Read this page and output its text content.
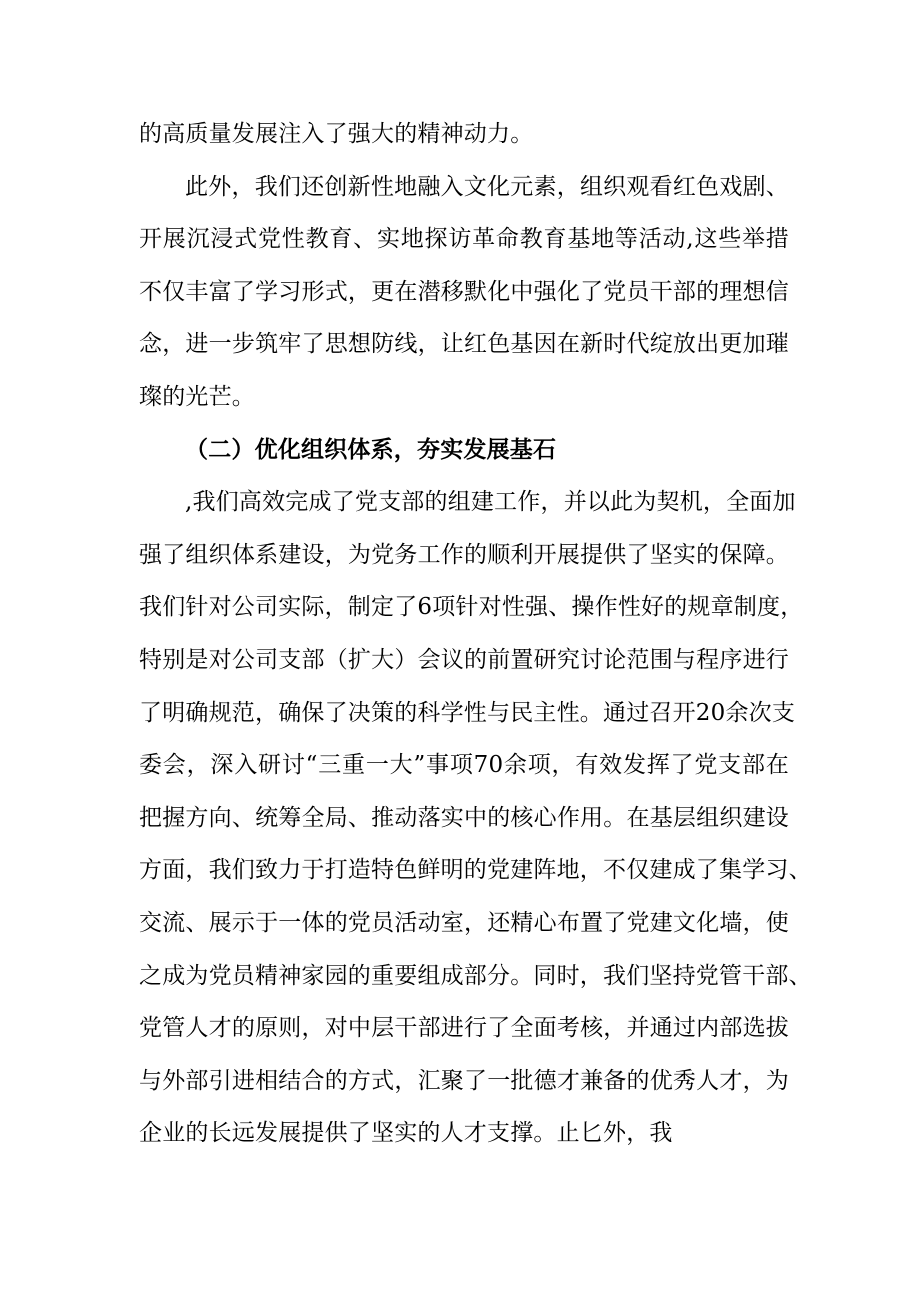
的高质量发展注入了强大的精神动力。
此外，我们还创新性地融入文化元素，组织观看红色戏剧、
开展沉浸式党性教育、实地探访革命教育基地等活动,这些举措
不仅丰富了学习形式，更在潜移默化中强化了党员干部的理想信
念，进一步筑牢了思想防线，让红色基因在新时代绽放出更加璀
璨的光芒。
（二）优化组织体系，夯实发展基石
,我们高效完成了党支部的组建工作，并以此为契机，全面加
强了组织体系建设，为党务工作的顺利开展提供了坚实的保障。
我们针对公司实际，制定了6项针对性强、操作性好的规章制度，
特别是对公司支部（扩大）会议的前置研究讨论范围与程序进行
了明确规范，确保了决策的科学性与民主性。通过召开20余次支
委会，深入研讨“三重一大”事项70余项，有效发挥了党支部在
把握方向、统筹全局、推动落实中的核心作用。在基层组织建设
方面，我们致力于打造特色鲜明的党建阵地，不仅建成了集学习、
交流、展示于一体的党员活动室，还精心布置了党建文化墙，使
之成为党员精神家园的重要组成部分。同时，我们坚持党管干部、
党管人才的原则，对中层干部进行了全面考核，并通过内部选拔
与外部引进相结合的方式，汇聚了一批德才兼备的优秀人才，为
企业的长远发展提供了坚实的人才支撑。止匕外，我
